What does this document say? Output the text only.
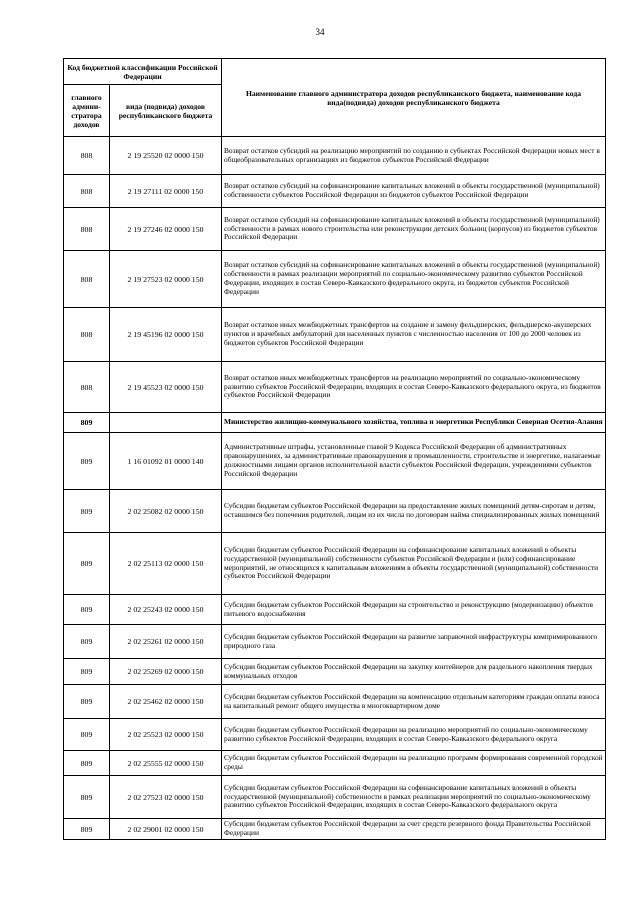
34
Код бюджетной классификации Российской Федерации		Наименование главного администратора доходов республиканского бюджета, наименование кода вида(подвида) доходов республиканского бюджета
главного админи-стратора доходов	вида (подвида) доходов республиканского бюджета	
808	2 19 25520 02 0000 150	Возврат остатков субсидий на реализацию мероприятий по созданию в субъектах Российской Федерации новых мест в общеобразовательных организациях из бюджетов субъектов Российской Федерации
808	2 19 27111 02 0000 150	Возврат остатков субсидий на софинансирование капитальных вложений в объекты государственной (муниципальной) собственности субъектов Российской Федерации из бюджетов субъектов Российской Федерации
808	2 19 27246 02 0000 150	Возврат остатков субсидий на софинансирование капитальных вложений в объекты государственной (муниципальной) собственности в рамках нового строительства или реконструкции детских больниц (корпусов) из бюджетов субъектов Российской Федерации
808	2 19 27523 02 0000 150	Возврат остатков субсидий на софинансирование капитальных вложений в объекты государственной (муниципальной) собственности в рамках реализации мероприятий по социально-экономическому развитию субъектов Российской Федерации, входящих в состав Северо-Кавказского федерального округа, из бюджетов субъектов Российской Федерации
808	2 19 45196 02 0000 150	Возврат остатков иных межбюджетных трансфертов на создание и замену фельдшерских, фельдшерско-акушерских пунктов и врачебных амбулаторий для населенных пунктов с численностью населения от 100 до 2000 человек из бюджетов субъектов Российской Федерации
808	2 19 45523 02 0000 150	Возврат остатков иных межбюджетных трансфертов на реализацию мероприятий по социально-экономическому развитию субъектов Российской Федерации, входящих в состав Северо-Кавказского федерального округа, из бюджетов субъектов Российской Федерации
809		Министерство жилищно-коммунального хозяйства, топлива и энергетики Республики Северная Осетия-Алания
809	1 16 01092 01 0000 140	Административные штрафы, установленные главой 9 Кодекса Российской Федерации об административных правонарушениях, за административные правонарушения в промышленности, строительстве и энергетике, налагаемые должностными лицами органов исполнительной власти субъектов Российской Федерации, учреждениями субъектов Российской Федерации
809	2 02 25082 02 0000 150	Субсидии бюджетам субъектов Российской Федерации на предоставление жилых помещений детям-сиротам и детям, оставшимся без попечения родителей, лицам из их числа по договорам найма специализированных жилых помещений
809	2 02 25113 02 0000 150	Субсидии бюджетам субъектов Российской Федерации на софинансирование капитальных вложений в объекты государственной (муниципальной) собственности субъектов Российской Федерации и (или) софинансирование мероприятий, не относящихся к капитальным вложениям в объекты государственной (муниципальной) собственности субъектов Российской Федерации
809	2 02 25243 02 0000 150	Субсидии бюджетам субъектов Российской Федерации на строительство и реконструкцию (модернизацию) объектов питьевого водоснабжения
809	2 02 25261 02 0000 150	Субсидии бюджетам субъектов Российской Федерации на развитие заправочной инфраструктуры компримированного природного газа
809	2 02 25269 02 0000 150	Субсидии бюджетам субъектов Российской Федерации на закупку контейнеров для раздельного накопления твердых коммунальных отходов
809	2 02 25462 02 0000 150	Субсидии бюджетам субъектов Российской Федерации на компенсацию отдельным категориям граждан оплаты взноса на капитальный ремонт общего имущества в многоквартирном доме
809	2 02 25523 02 0000 150	Субсидии бюджетам субъектов Российской Федерации на реализацию мероприятий по социально-экономическому развитию субъектов Российской Федерации, входящих в состав Северо-Кавказского федерального округа
809	2 02 25555 02 0000 150	Субсидии бюджетам субъектов Российской Федерации на реализацию программ формирования современной городской среды
809	2 02 27523 02 0000 150	Субсидии бюджетам субъектов Российской Федерации на софинансирование капитальных вложений в объекты государственной (муниципальной) собственности в рамках реализации мероприятий по социально-экономическому развитию субъектов Российской Федерации, входящих в состав Северо-Кавказского федерального округа
809	2 02 29001 02 0000 150	Субсидии бюджетам субъектов Российской Федерации за счет средств резервного фонда Правительства Российской Федерации
